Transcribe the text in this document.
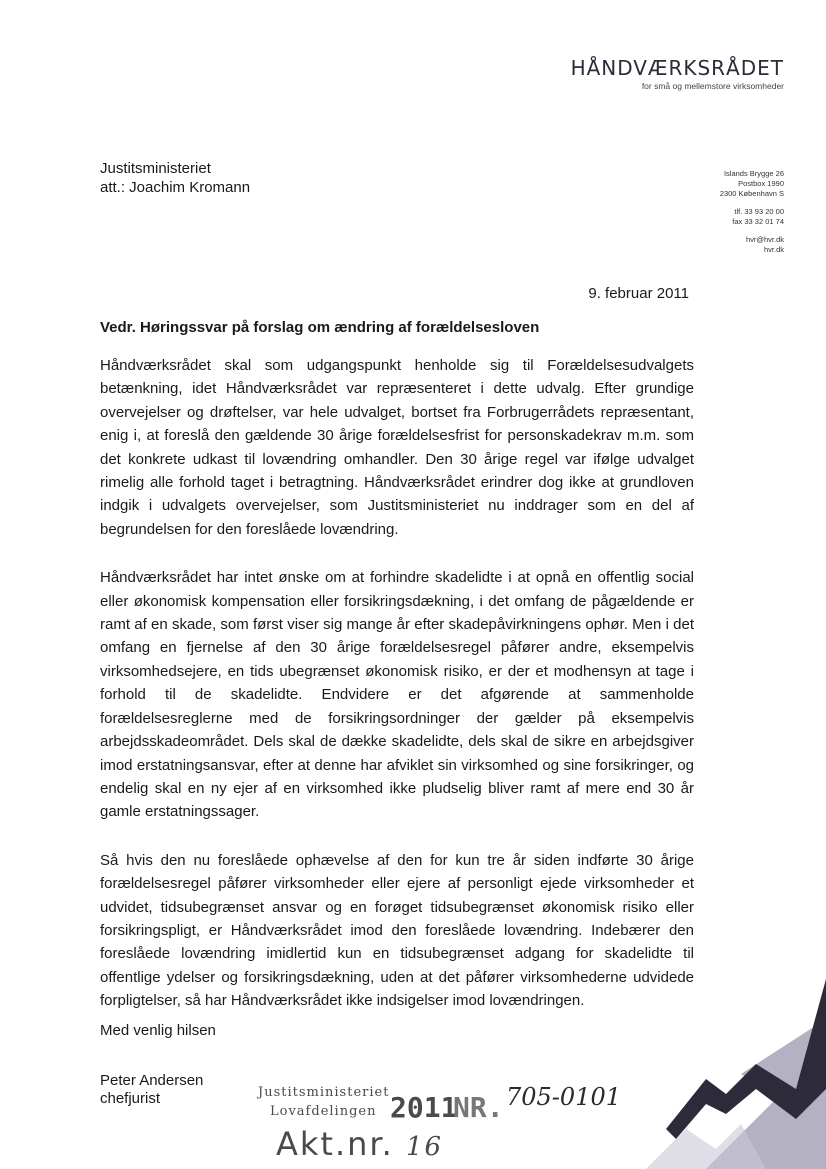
HÅNDVÆRKSRÅDET
for små og mellemstore virksomheder
Justitsministeriet
att.: Joachim Kromann
Islands Brygge 26
Postbox 1990
2300 København S
tlf. 33 93 20 00
fax 33 32 01 74
hvr@hvr.dk
hvr.dk
9. februar 2011
Vedr. Høringssvar på forslag om ændring af forældelsesloven

Håndværksrådet skal som udgangspunkt henholde sig til Forældelsesudvalgets betænkning, idet Håndværksrådet var repræsenteret i dette udvalg. Efter grundige overvejelser og drøftelser, var hele udvalget, bortset fra Forbrugerrådets repræsentant, enig i, at foreslå den gældende 30 årige forældelsesfrist for personskadekrav m.m. som det konkrete udkast til lovændring omhandler. Den 30 årige regel var ifølge udvalget rimelig alle forhold taget i betragtning. Håndværksrådet erindrer dog ikke at grundloven indgik i udvalgets overvejelser, som Justitsministeriet nu inddrager som en del af begrundelsen for den foreslåede lovændring.

Håndværksrådet har intet ønske om at forhindre skadelidte i at opnå en offentlig social eller økonomisk kompensation eller forsikringsdækning, i det omfang de pågældende er ramt af en skade, som først viser sig mange år efter skadepåvirkningens ophør. Men i det omfang en fjernelse af den 30 årige forældelsesregel påfører andre, eksempelvis virksomhedsejere, en tids ubegrænset økonomisk risiko, er der et modhensyn at tage i forhold til de skadelidte. Endvidere er det afgørende at sammenholde forældelsesreglerne med de forsikringsordninger der gælder på eksempelvis arbejdsskadeområdet. Dels skal de dække skadelidte, dels skal de sikre en arbejdsgiver imod erstatningsansvar, efter at denne har afviklet sin virksomhed og sine forsikringer, og endelig skal en ny ejer af en virksomhed ikke pludselig bliver ramt af mere end 30 år gamle erstatningssager.

Så hvis den nu foreslåede ophævelse af den for kun tre år siden indførte 30 årige forældelsesregel påfører virksomheder eller ejere af personligt ejede virksomheder et udvidet, tidsubegrænset ansvar og en forøget tidsubegrænset økonomisk risiko eller forsikringspligt, er Håndværksrådet imod den foreslåede lovændring. Indebærer den foreslåede lovændring imidlertid kun en tidsubegrænset adgang for skadelidte til offentlige ydelser og forsikringsdækning, uden at det påfører virksomhederne udvidede forpligtelser, så har Håndværksrådet ikke indsigelser imod lovændringen.

Med venlig hilsen
Peter Andersen
chefjurist	Justitsministeriet
Lovafdelingen 2011
NR. 705-0101
Akt.nr. 16
